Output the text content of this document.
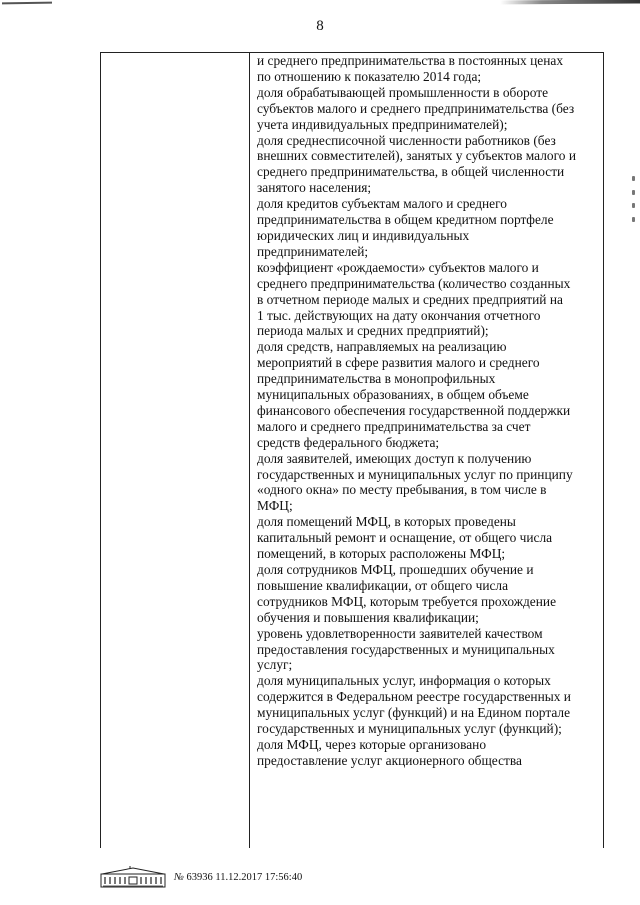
8
и среднего предпринимательства в постоянных ценах
по отношению к показателю 2014 года;
доля обрабатывающей промышленности в обороте
субъектов малого и среднего предпринимательства (без
учета индивидуальных предпринимателей);
доля среднесписочной численности работников (без
внешних совместителей), занятых у субъектов малого и
среднего предпринимательства, в общей численности
занятого населения;
доля кредитов субъектам малого и среднего
предпринимательства в общем кредитном портфеле
юридических лиц и индивидуальных
предпринимателей;
коэффициент «рождаемости» субъектов малого и
среднего предпринимательства (количество созданных
в отчетном периоде малых и средних предприятий на
1 тыс. действующих на дату окончания отчетного
периода малых и средних предприятий);
доля средств, направляемых на реализацию
мероприятий в сфере развития малого и среднего
предпринимательства в монопрофильных
муниципальных образованиях, в общем объеме
финансового обеспечения государственной поддержки
малого и среднего предпринимательства за счет
средств федерального бюджета;
доля заявителей, имеющих доступ к получению
государственных и муниципальных услуг по принципу
«одного окна» по месту пребывания, в том числе в
МФЦ;
доля помещений МФЦ, в которых проведены
капитальный ремонт и оснащение, от общего числа
помещений, в которых расположены МФЦ;
доля сотрудников МФЦ, прошедших обучение и
повышение квалификации, от общего числа
сотрудников МФЦ, которым требуется прохождение
обучения и повышения квалификации;
уровень удовлетворенности заявителей качеством
предоставления государственных и муниципальных
услуг;
доля муниципальных услуг, информация о которых
содержится в Федеральном реестре государственных и
муниципальных услуг (функций) и на Едином портале
государственных и муниципальных услуг (функций);
доля МФЦ, через которые организовано
предоставление услуг акционерного общества
№ 63936 11.12.2017 17:56:40
